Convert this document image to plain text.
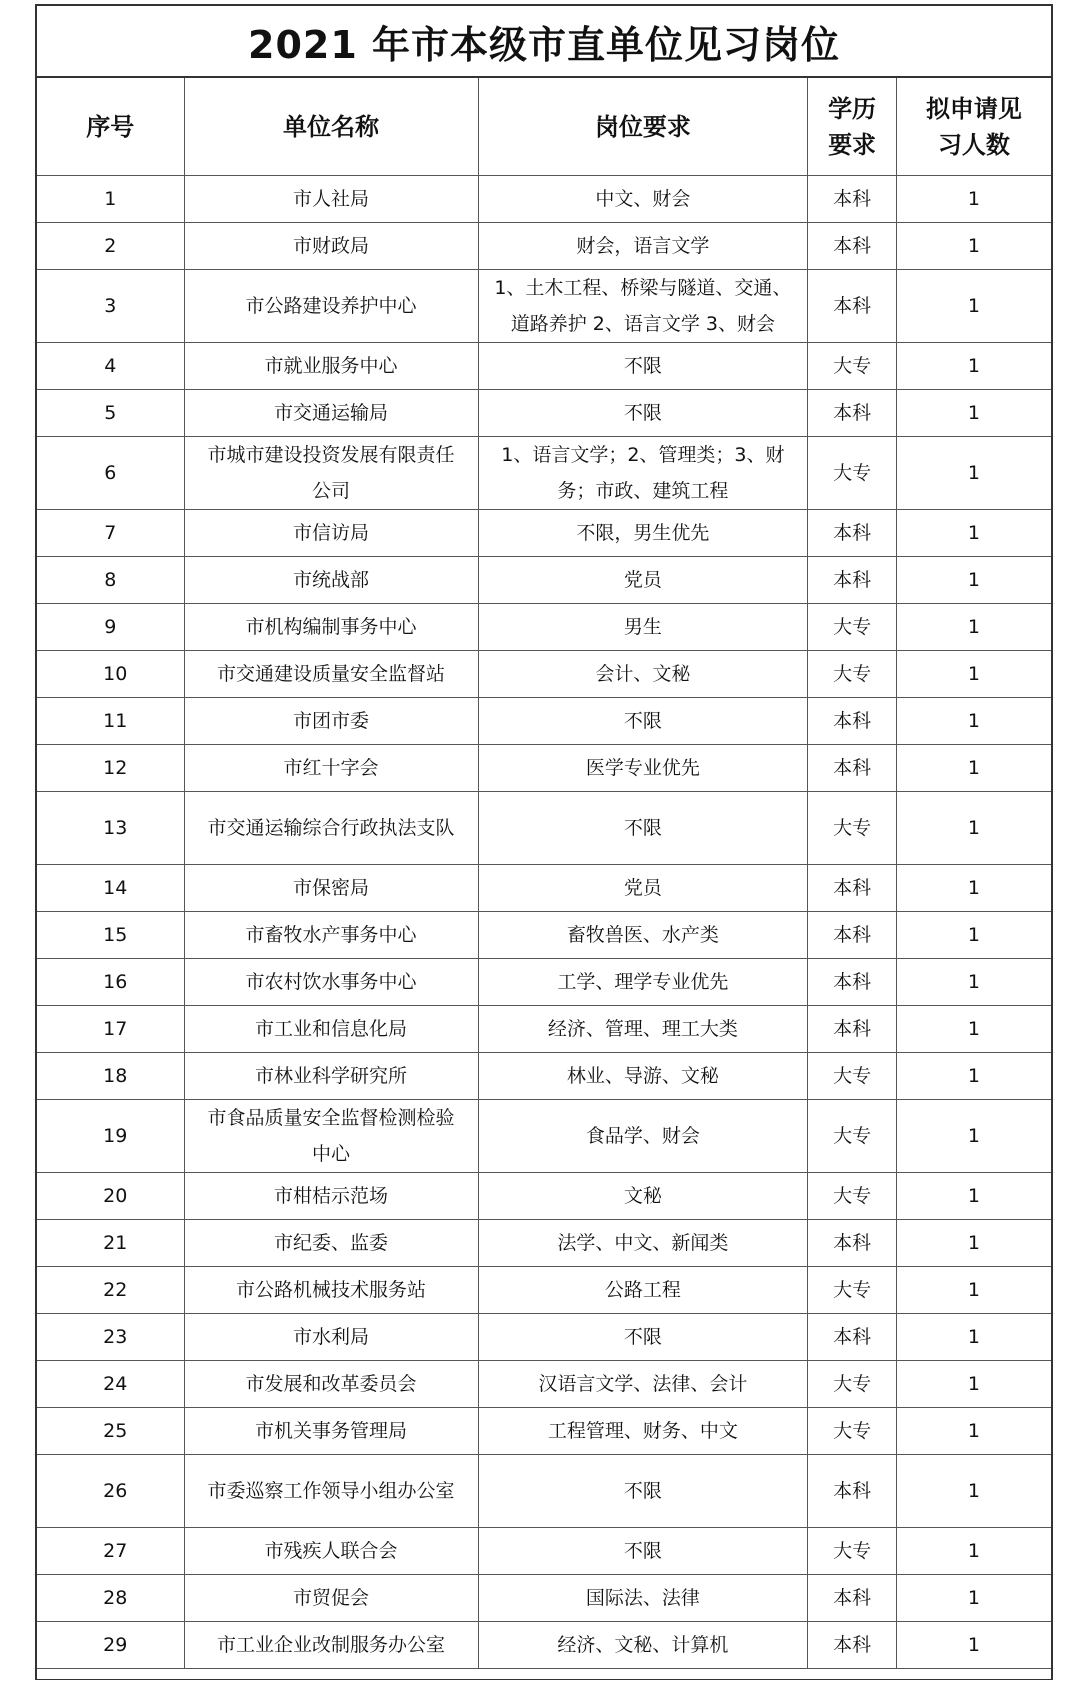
2021 年市本级市直单位见习岗位
序号	单位名称	岗位要求	学历要求	拟申请见习人数
1	市人社局	中文、财会	本科	1
2	市财政局	财会，语言文学	本科	1
3	市公路建设养护中心	1、土木工程、桥梁与隧道、交通、道路养护 2、语言文学 3、财会	本科	1
4	市就业服务中心	不限	大专	1
5	市交通运输局	不限	本科	1
6	市城市建设投资发展有限责任公司	1、语言文学；2、管理类；3、财务；市政、建筑工程	大专	1
7	市信访局	不限，男生优先	本科	1
8	市统战部	党员	本科	1
9	市机构编制事务中心	男生	大专	1
10	市交通建设质量安全监督站	会计、文秘	大专	1
11	市团市委	不限	本科	1
12	市红十字会	医学专业优先	本科	1
13	市交通运输综合行政执法支队	不限	大专	1
14	市保密局	党员	本科	1
15	市畜牧水产事务中心	畜牧兽医、水产类	本科	1
16	市农村饮水事务中心	工学、理学专业优先	本科	1
17	市工业和信息化局	经济、管理、理工大类	本科	1
18	市林业科学研究所	林业、导游、文秘	大专	1
19	市食品质量安全监督检测检验中心	食品学、财会	大专	1
20	市柑桔示范场	文秘	大专	1
21	市纪委、监委	法学、中文、新闻类	本科	1
22	市公路机械技术服务站	公路工程	大专	1
23	市水利局	不限	本科	1
24	市发展和改革委员会	汉语言文学、法律、会计	大专	1
25	市机关事务管理局	工程管理、财务、中文	大专	1
26	市委巡察工作领导小组办公室	不限	本科	1
27	市残疾人联合会	不限	大专	1
28	市贸促会	国际法、法律	本科	1
29	市工业企业改制服务办公室	经济、文秘、计算机	本科	1
